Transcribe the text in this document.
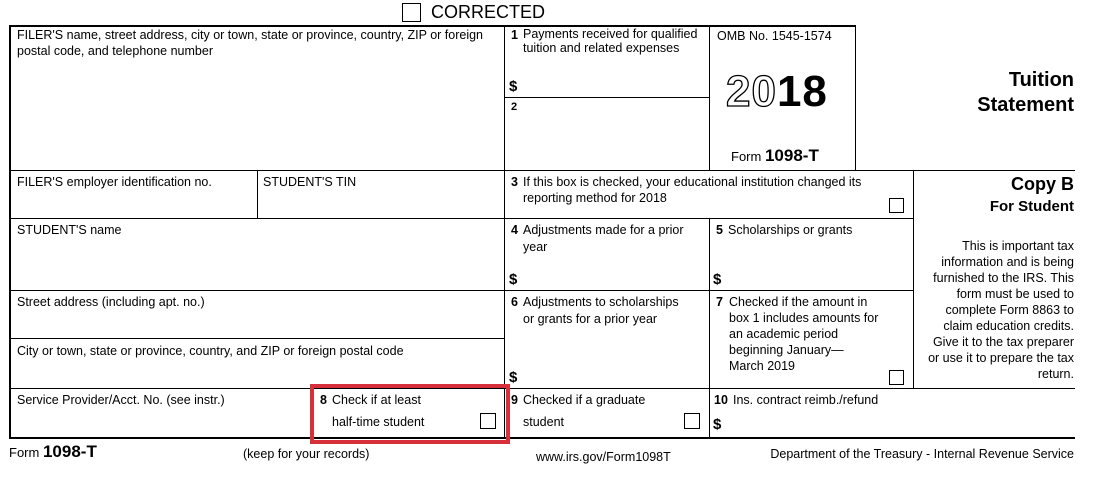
CORRECTED
FILER'S name, street address, city or town, state or province, country, ZIP or foreign postal code, and telephone number
FILER'S employer identification no.	STUDENT'S TIN
STUDENT'S name
Street address (including apt. no.)
City or town, state or province, country, and ZIP or foreign postal code
Service Provider/Acct. No. (see instr.)
1 Payments received for qualified tuition and related expenses
$
2
OMB No. 1545-1574
2018
Form 1098-T
Tuition
Statement
3 If this box is checked, your educational institution changed its reporting method for 2018
Copy B
For Student
This is important tax information and is being furnished to the IRS. This form must be used to complete Form 8863 to claim education credits. Give it to the tax preparer or use it to prepare the tax return.
4 Adjustments made for a prior year
$
5 Scholarships or grants
$
6 Adjustments to scholarships or grants for a prior year
$
7 Checked if the amount in box 1 includes amounts for an academic period beginning January— March 2019
8 Check if at least
half-time student
9 Checked if a graduate
student
10 Ins. contract reimb./refund
$
Form 1098-T	(keep for your records)	www.irs.gov/Form1098T	Department of the Treasury - Internal Revenue Service
